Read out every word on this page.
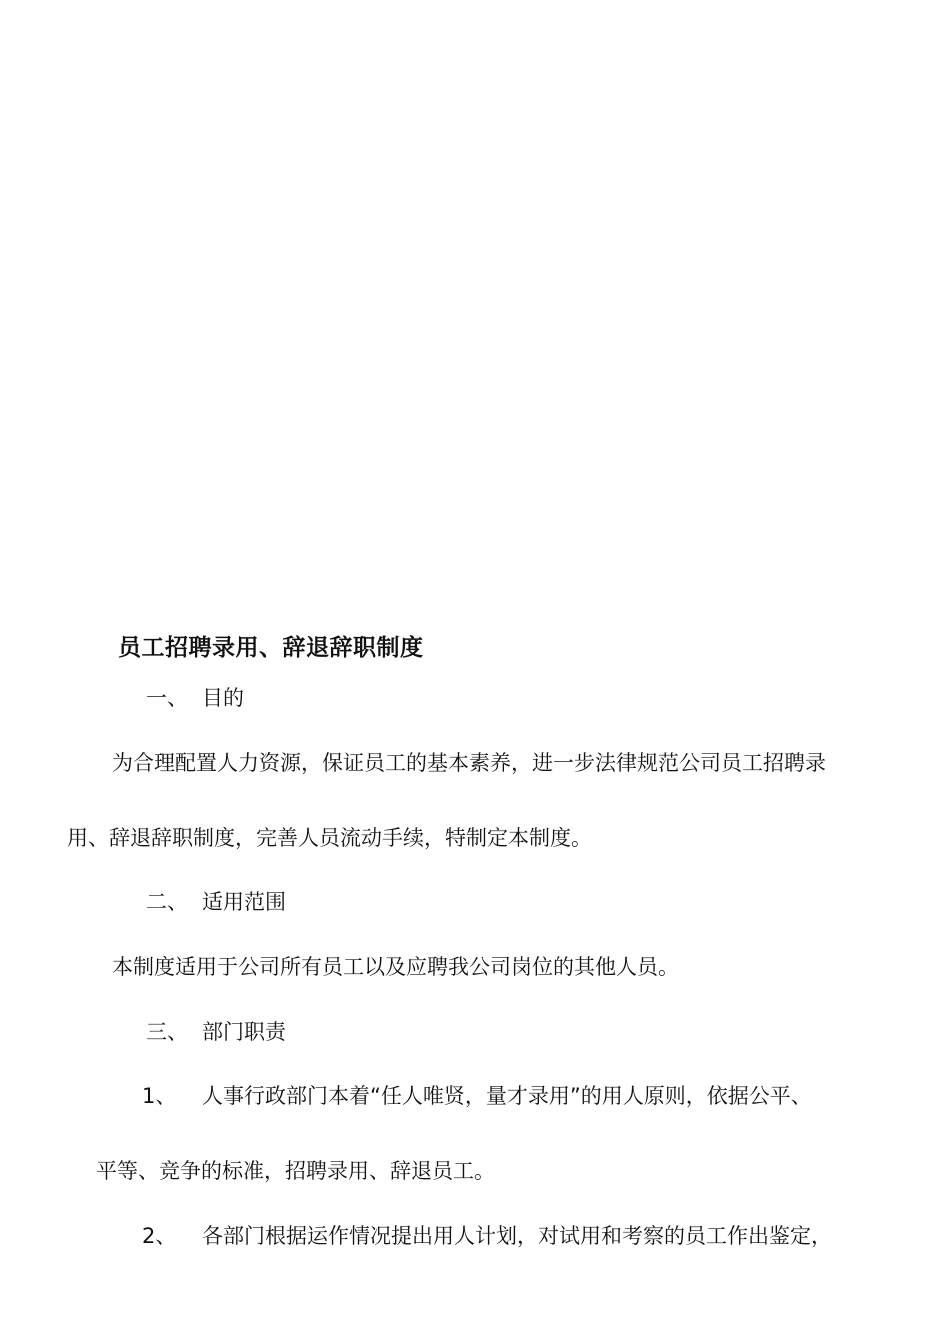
员工招聘录用、辞退辞职制度
一、 目的
为合理配置人力资源，保证员工的基本素养，进一步法律规范公司员工招聘录
用、辞退辞职制度，完善人员流动手续，特制定本制度。
二、 适用范围
本制度适用于公司所有员工以及应聘我公司岗位的其他人员。
三、 部门职责
1、 人事行政部门本着“任人唯贤，量才录用”的用人原则，依据公平、
平等、竞争的标准，招聘录用、辞退员工。
2、 各部门根据运作情况提出用人计划，对试用和考察的员工作出鉴定，
